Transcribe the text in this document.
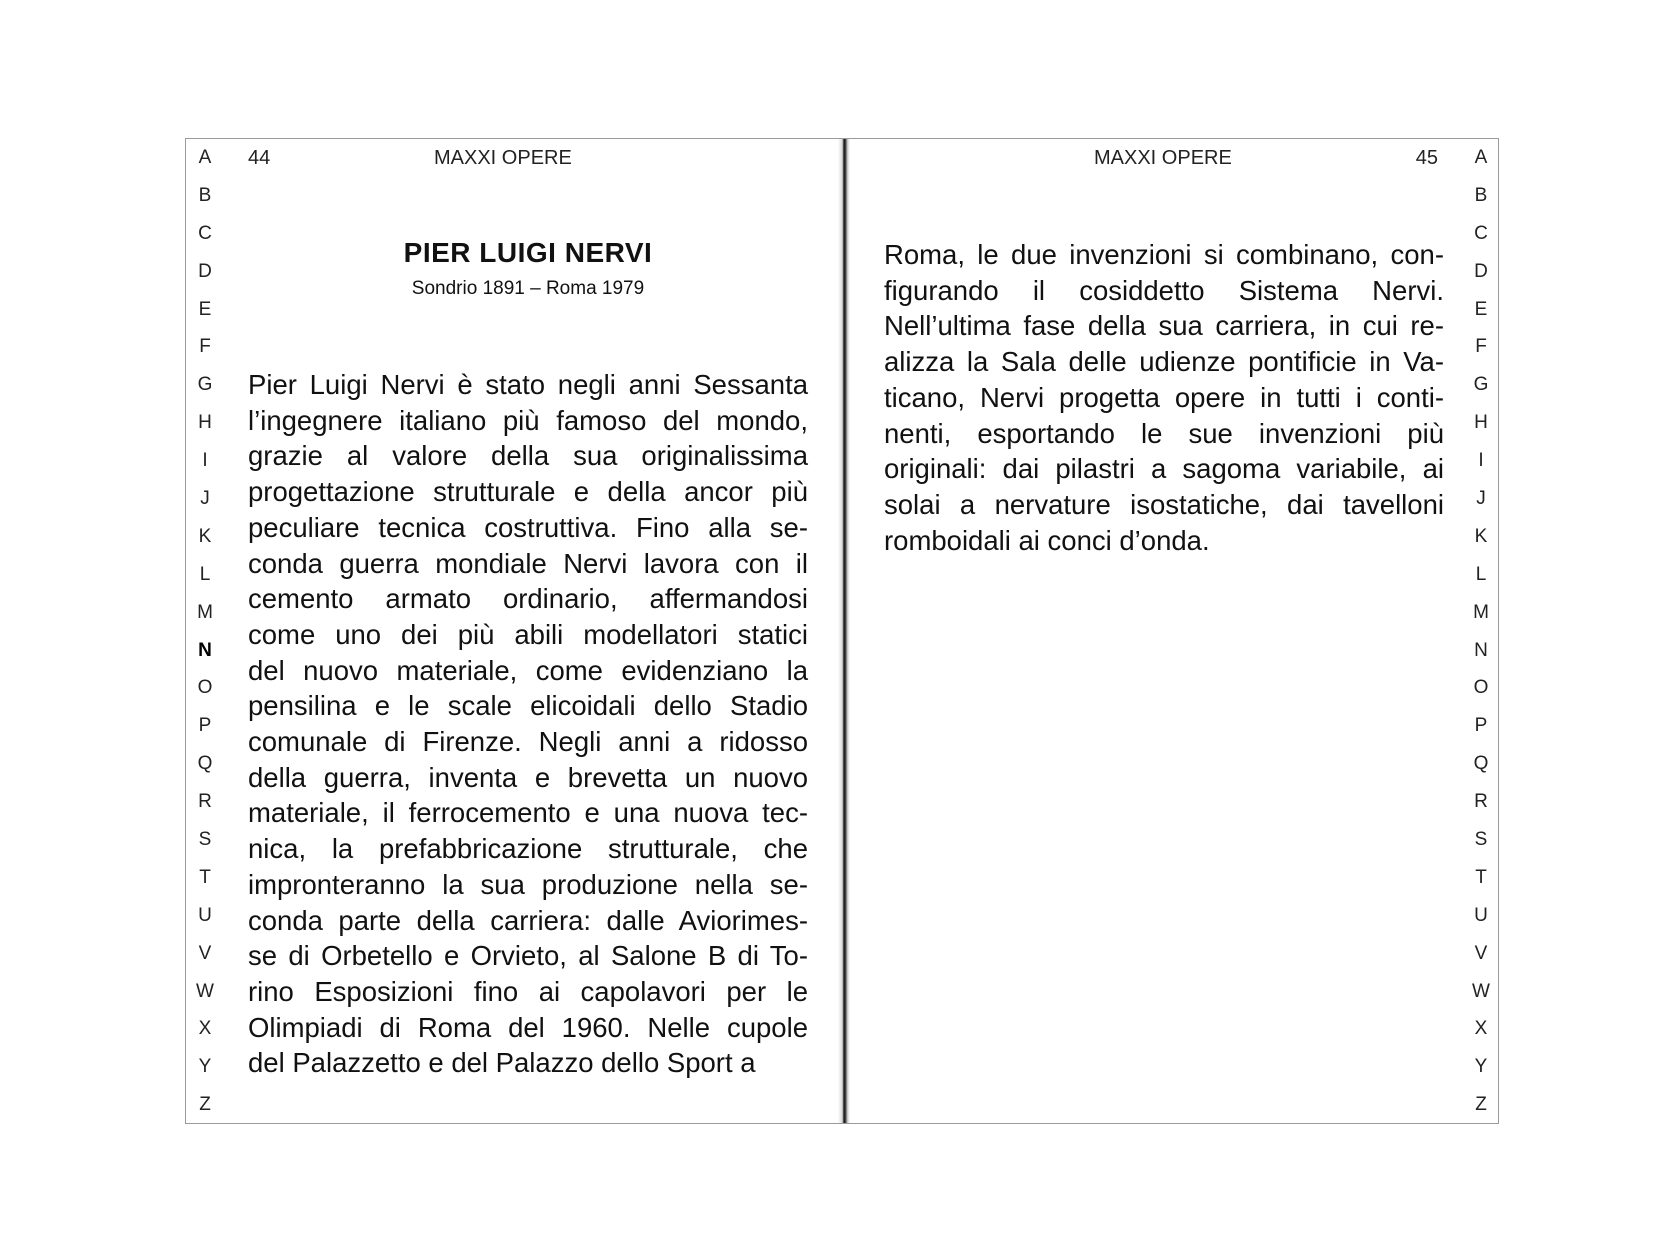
A
B
C
D
E
F
G
H
I
J
K
L
M
N
O
P
Q
R
S
T
U
V
W
X
Y
Z
44	MAXXI OPERE
PIER LUIGI NERVI
Sondrio 1891 – Roma 1979

Pier Luigi Nervi è stato negli anni Sessanta
l’ingegnere italiano più famoso del mondo,
grazie al valore della sua originalissima
progettazione strutturale e della ancor più
peculiare tecnica costruttiva. Fino alla se-
conda guerra mondiale Nervi lavora con il
cemento armato ordinario, affermandosi
come uno dei più abili modellatori statici
del nuovo materiale, come evidenziano la
pensilina e le scale elicoidali dello Stadio
comunale di Firenze. Negli anni a ridosso
della guerra, inventa e brevetta un nuovo
materiale, il ferrocemento e una nuova tec-
nica, la prefabbricazione strutturale, che
impronteranno la sua produzione nella se-
conda parte della carriera: dalle Aviorimes-
se di Orbetello e Orvieto, al Salone B di To-
rino Esposizioni fino ai capolavori per le
Olimpiadi di Roma del 1960. Nelle cupole
del Palazzetto e del Palazzo dello Sport a

MAXXI OPERE	45

Roma, le due invenzioni si combinano, con-
figurando il cosiddetto Sistema Nervi.
Nell’ultima fase della sua carriera, in cui re-
alizza la Sala delle udienze pontificie in Va-
ticano, Nervi progetta opere in tutti i conti-
nenti, esportando le sue invenzioni più
originali: dai pilastri a sagoma variabile, ai
solai a nervature isostatiche, dai tavelloni
romboidali ai conci d’onda.

A
B
C
D
E
F
G
H
I
J
K
L
M
N
O
P
Q
R
S
T
U
V
W
X
Y
Z
